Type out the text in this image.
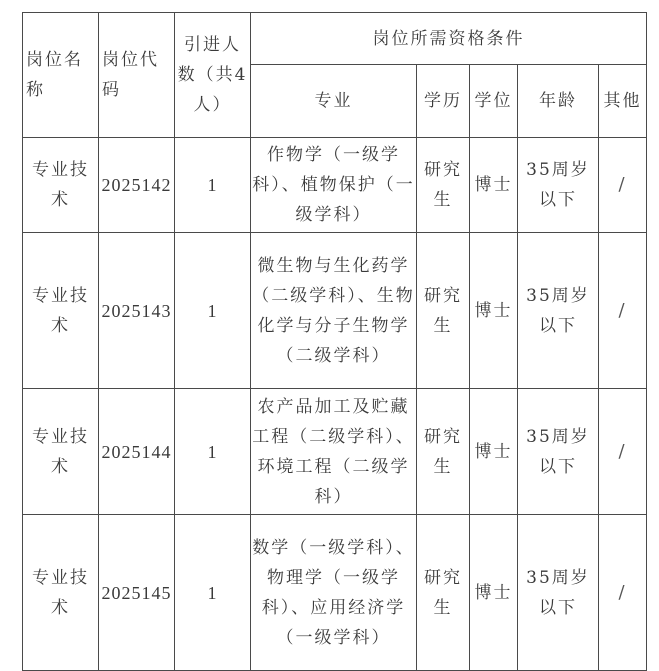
岗位名称	岗位代码	引进人数（共4人）	岗位所需资格条件				

			专业	学历	学位	年龄	其他

专业技术	2025142	1	作物学（一级学科）、植物保护（一级学科）	研究生	博士	35周岁以下	/

专业技术	2025143	1	微生物与生化药学（二级学科）、生物化学与分子生物学（二级学科）	研究生	博士	35周岁以下	/

专业技术	2025144	1	农产品加工及贮藏工程（二级学科）、环境工程（二级学科）	研究生	博士	35周岁以下	/

专业技术	2025145	1	数学（一级学科）、物理学（一级学科）、应用经济学（一级学科）	研究生	博士	35周岁以下	/
